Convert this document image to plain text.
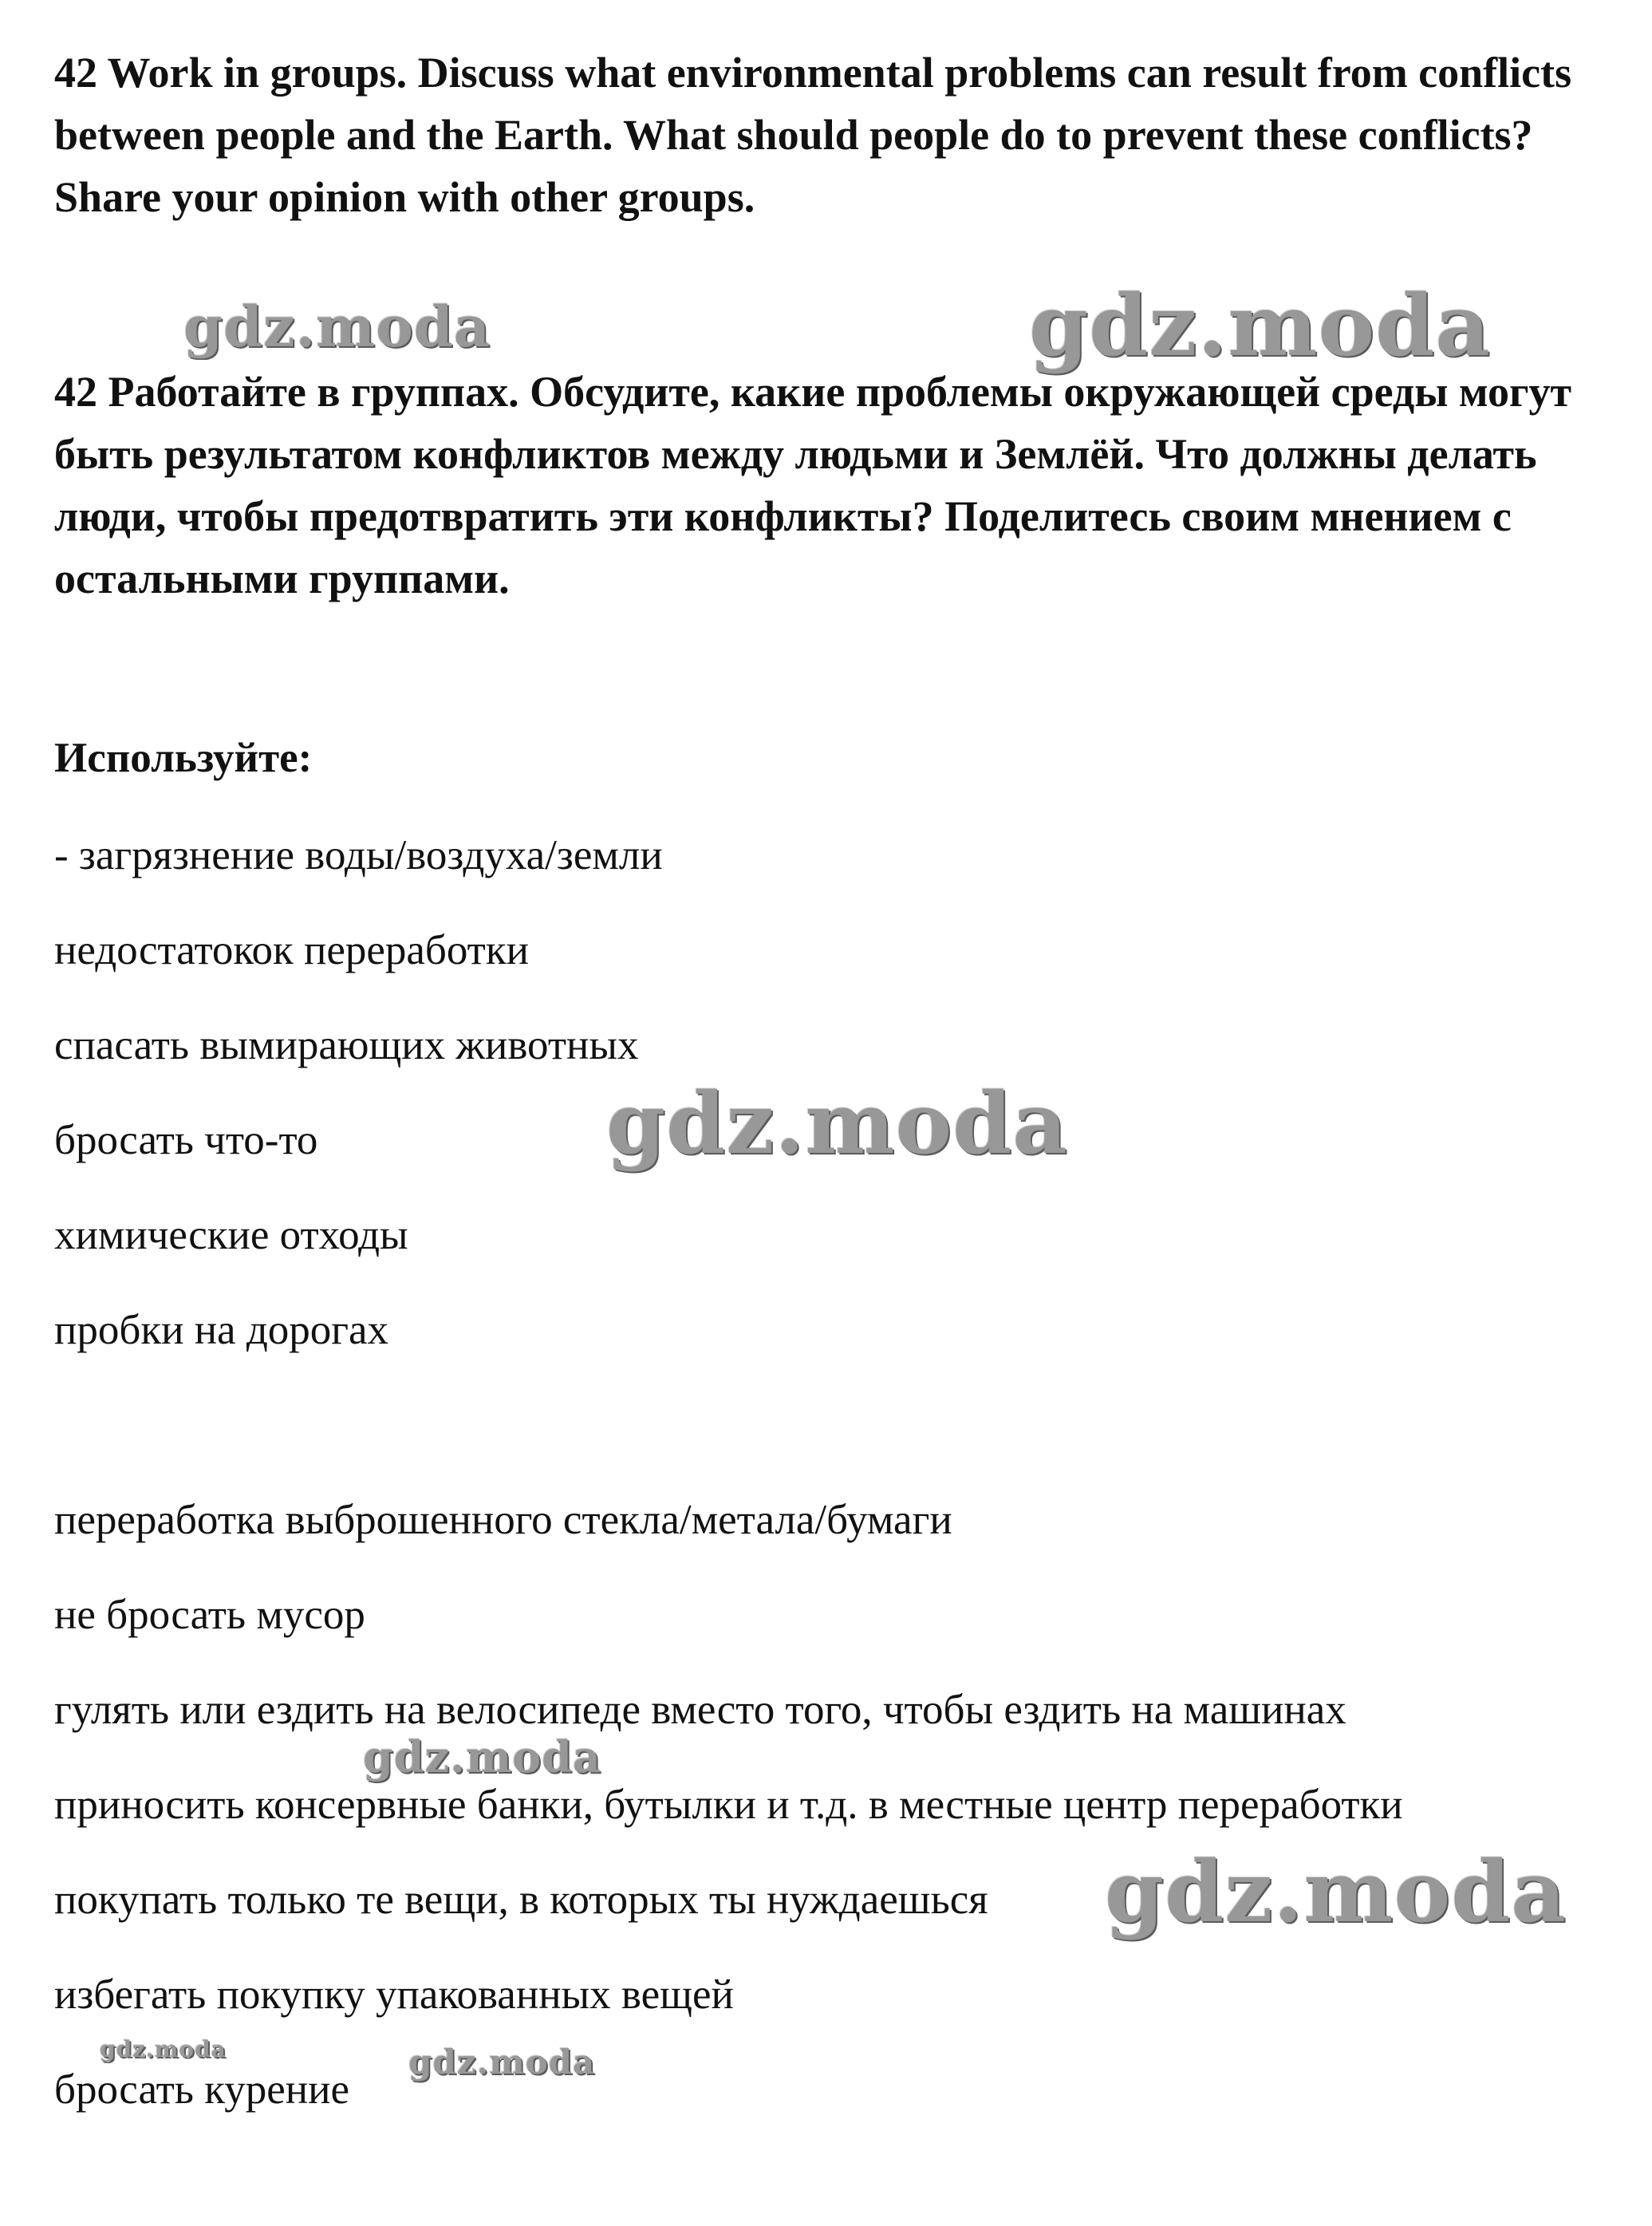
42 Work in groups. Discuss what environmental problems can result from conflicts between people and the Earth. What should people do to prevent these conflicts? Share your opinion with other groups.

42 Работайте в группах. Обсудите, какие проблемы окружающей среды могут быть результатом конфликтов между людьми и Землёй. Что должны делать люди, чтобы предотвратить эти конфликты? Поделитесь своим мнением с остальными группами.

Используйте:

- загрязнение воды/воздуха/земли

недостатокок переработки

спасать вымирающих животных

бросать что-то

химические отходы

пробки на дорогах

переработка выброшенного стекла/метала/бумаги

не бросать мусор

гулять или ездить на велосипеде вместо того, чтобы ездить на машинах

приносить консервные банки, бутылки и т.д. в местные центр переработки

покупать только те вещи, в которых ты нуждаешься

избегать покупку упакованных вещей

бросать курение

gdz.moda	gdz.moda

gdz.moda

gdz.moda

gdz.moda

gdz.moda	gdz.moda
